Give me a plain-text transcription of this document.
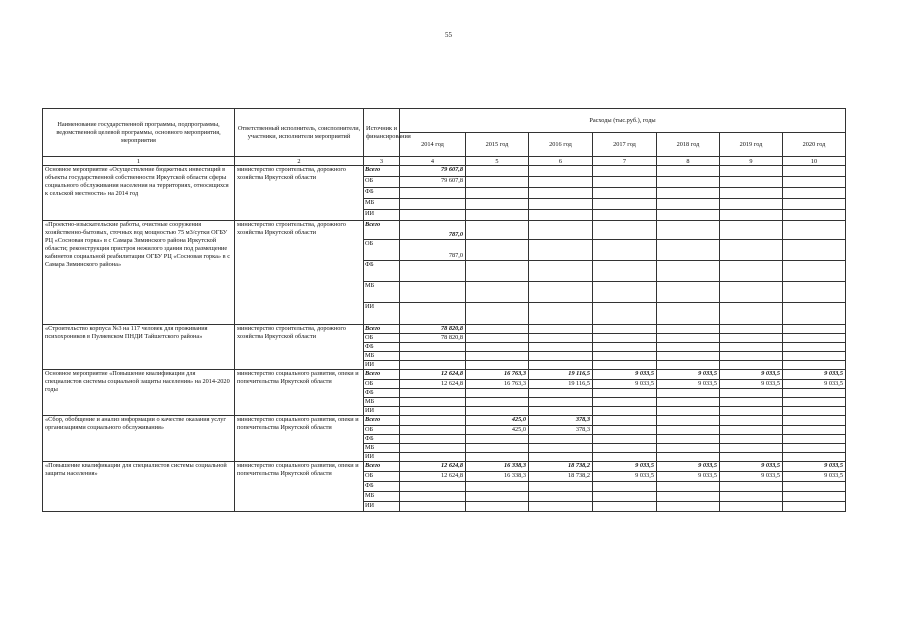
55
Наименование государственной программы, подпрограммы, ведомственной целевой программы, основного мероприятия, мероприятия	Ответственный исполнитель, соисполнители, участники, исполнители мероприятий	Источник и финансирования	Расходы (тыс.руб.), годы						
			2014 год	2015 год	2016 год	2017 год	2018 год	2019 год	2020 год
1	2	3	4	5	6	7	8	9	10
Основное мероприятие «Осуществление бюджетных инвестиций в объекты государственной собственности Иркутской области сферы социального обслуживания населения на территориях, относящихся к сельской местности» на 2014 год	министерство строительства, дорожного хозяйства Иркутской области	Всего	79 607,8						
		ОБ	79 607,8						
		ФБ							
		МБ							
		ИИ							
«Проектно-изыскательские работы, очистные сооружения хозяйственно-бытовых, сточных вод мощностью 75 м3/сутки ОГБУ РЦ «Сосновая горка» в с Самара Зиминского района Иркутской области; реконструкция пристроя нежилого здания под размещение кабинетов социальной реабилитации ОГБУ РЦ «Сосновая горка» в с Самара Зиминского района»	министерство строительства, дорожного хозяйства Иркутской области	Всего	787,0						
		ОБ	787,0						
		ФБ							
		МБ							
		ИИ							
«Строительство корпуса №3 на 117 человек для проживания психохроников в Пуляевском ПНДИ Тайшетского района»	министерство строительства, дорожного хозяйства Иркутской области	Всего	78 820,8						
		ОБ	78 820,8						
		ФБ							
		МБ							
		ИИ							
Основное мероприятие «Повышение квалификации для специалистов системы социальной защиты населения» на 2014-2020 годы	министерство социального развития, опеки и попечительства Иркутской области	Всего	12 624,8	16 763,3	19 116,5	9 033,5	9 033,5	9 033,5	9 033,5
		ОБ	12 624,8	16 763,3	19 116,5	9 033,5	9 033,5	9 033,5	9 033,5
		ФБ							
		МБ							
		ИИ							
«Сбор, обобщение и анализ информации о качестве оказания услуг организациями социального обслуживания»	министерство социального развития, опеки и попечительства Иркутской области	Всего		425,0	378,3				
		ОБ		425,0	378,3				
		ФБ							
		МБ							
		ИИ							
«Повышение квалификации для специалистов системы социальной защиты населения»	министерство социального развития, опеки и попечительства Иркутской области	Всего	12 624,8	16 338,3	18 738,2	9 033,5	9 033,5	9 033,5	9 033,5
		ОБ	12 624,8	16 338,3	18 738,2	9 033,5	9 033,5	9 033,5	9 033,5
		ФБ							
		МБ							
		ИИ							
